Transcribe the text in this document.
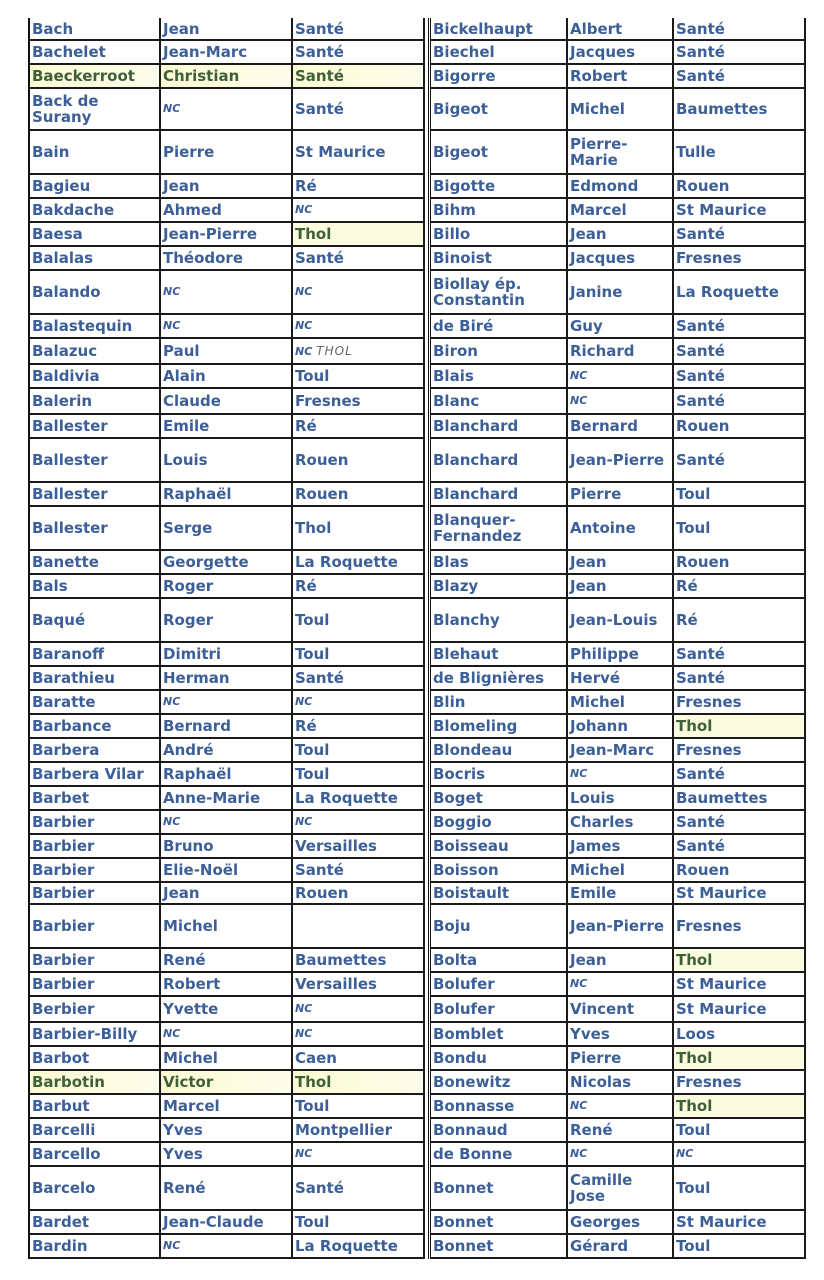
Bach	Jean	Santé
Bachelet	Jean-Marc	Santé
Baeckerroot	Christian	Santé
Back de Surany	NC	Santé
Bain	Pierre	St Maurice
Bagieu	Jean	Ré
Bakdache	Ahmed	NC
Baesa	Jean-Pierre	Thol
Balalas	Théodore	Santé
Balando	NC	NC
Balastequin	NC	NC
Balazuc	Paul	NC THOL
Baldivia	Alain	Toul
Balerin	Claude	Fresnes
Ballester	Emile	Ré
Ballester	Louis	Rouen
Ballester	Raphaël	Rouen
Ballester	Serge	Thol
Banette	Georgette	La Roquette
Bals	Roger	Ré
Baqué	Roger	Toul
Baranoff	Dimitri	Toul
Barathieu	Herman	Santé
Baratte	NC	NC
Barbance	Bernard	Ré
Barbera	André	Toul
Barbera Vilar	Raphaël	Toul
Barbet	Anne-Marie	La Roquette
Barbier	NC	NC
Barbier	Bruno	Versailles
Barbier	Elie-Noël	Santé
Barbier	Jean	Rouen
Barbier	Michel	
Barbier	René	Baumettes
Barbier	Robert	Versailles
Berbier	Yvette	NC
Barbier-Billy	NC	NC
Barbot	Michel	Caen
Barbotin	Victor	Thol
Barbut	Marcel	Toul
Barcelli	Yves	Montpellier
Barcello	Yves	NC
Barcelo	René	Santé
Bardet	Jean-Claude	Toul
Bardin	NC	La Roquette
Bickelhaupt	Albert	Santé
Biechel	Jacques	Santé
Bigorre	Robert	Santé
Bigeot	Michel	Baumettes
Bigeot	Pierre-Marie	Tulle
Bigotte	Edmond	Rouen
Bihm	Marcel	St Maurice
Billo	Jean	Santé
Binoist	Jacques	Fresnes
Biollay ép. Constantin	Janine	La Roquette
de Biré	Guy	Santé
Biron	Richard	Santé
Blais	NC	Santé
Blanc	NC	Santé
Blanchard	Bernard	Rouen
Blanchard	Jean-Pierre	Santé
Blanchard	Pierre	Toul
Blanquer-Fernandez	Antoine	Toul
Blas	Jean	Rouen
Blazy	Jean	Ré
Blanchy	Jean-Louis	Ré
Blehaut	Philippe	Santé
de Blignières	Hervé	Santé
Blin	Michel	Fresnes
Blomeling	Johann	Thol
Blondeau	Jean-Marc	Fresnes
Bocris	NC	Santé
Boget	Louis	Baumettes
Boggio	Charles	Santé
Boisseau	James	Santé
Boisson	Michel	Rouen
Boistault	Emile	St Maurice
Boju	Jean-Pierre	Fresnes
Bolta	Jean	Thol
Bolufer	NC	St Maurice
Bolufer	Vincent	St Maurice
Bomblet	Yves	Loos
Bondu	Pierre	Thol
Bonewitz	Nicolas	Fresnes
Bonnasse	NC	Thol
Bonnaud	René	Toul
de Bonne	NC	NC
Bonnet	Camille Jose	Toul
Bonnet	Georges	St Maurice
Bonnet	Gérard	Toul
